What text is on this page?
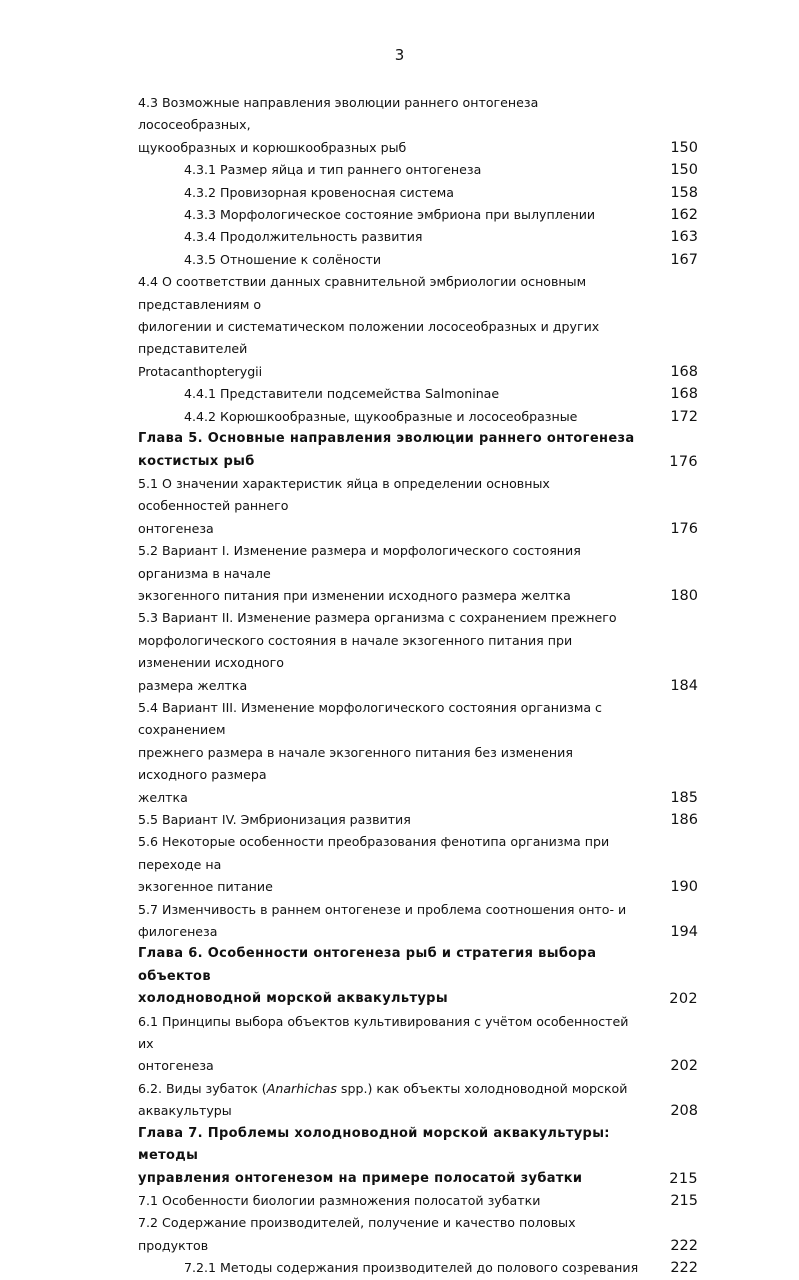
3
4.3 Возможные направления эволюции раннего онтогенеза лососеобразных,
щукообразных и корюшкообразных рыб	150
4.3.1 Размер яйца и тип раннего онтогенеза	150
4.3.2 Провизорная кровеносная система	158
4.3.3 Морфологическое состояние эмбриона при вылуплении	162
4.3.4 Продолжительность развития	163
4.3.5 Отношение к солёности	167
4.4 О соответствии данных сравнительной эмбриологии основным представлениям о
филогении и систематическом положении лососеобразных и других представителей
Protacanthopterygii	168
4.4.1 Представители подсемейства Salmoninae	168
4.4.2 Корюшкообразные, щукообразные и лососеобразные	172
Глава 5. Основные направления эволюции раннего онтогенеза
костистых рыб	176
5.1 О значении характеристик яйца в определении основных особенностей раннего
онтогенеза	176
5.2 Вариант I. Изменение размера и морфологического состояния организма в начале
экзогенного питания при изменении исходного размера желтка	180
5.3 Вариант II. Изменение размера организма с сохранением прежнего
морфологического состояния в начале экзогенного питания при изменении исходного
размера желтка	184
5.4 Вариант III. Изменение морфологического состояния организма с сохранением
прежнего размера в начале экзогенного питания без изменения исходного размера
желтка	185
5.5 Вариант IV. Эмбрионизация развития	186
5.6 Некоторые особенности преобразования фенотипа организма при переходе на
экзогенное питание	190
5.7 Изменчивость в раннем онтогенезе и проблема соотношения онто- и филогенеза	194
Глава 6. Особенности онтогенеза рыб и стратегия выбора объектов
холодноводной морской аквакультуры	202
6.1 Принципы выбора объектов культивирования с учётом особенностей их
онтогенеза	202
6.2. Виды зубаток (Anarhichas spp.) как объекты холодноводной морской
аквакультуры	208
Глава 7. Проблемы холодноводной морской аквакультуры: методы
управления онтогенезом на примере полосатой зубатки	215
7.1 Особенности биологии размножения полосатой зубатки	215
7.2 Содержание производителей, получение и качество половых продуктов	222
7.2.1 Методы содержания производителей до полового созревания	222
